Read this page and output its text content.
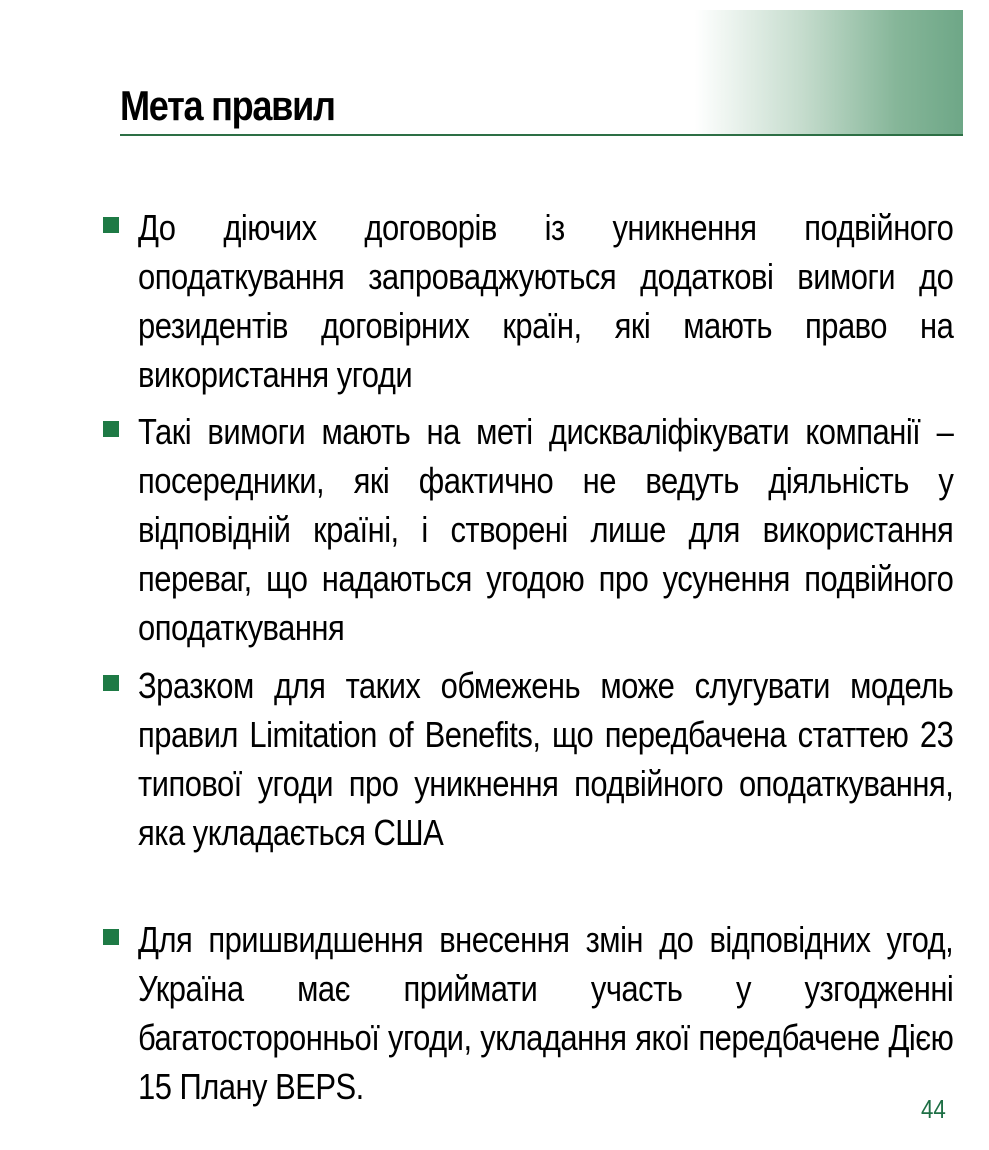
Мета правил

До діючих договорів із уникнення подвійного оподаткування запроваджуються додаткові вимоги до резидентів договірних країн, які мають право на використання угоди

Такі вимоги мають на меті дискваліфікувати компанії – посередники, які фактично не ведуть діяльність у відповідній країні, і створені лише для використання переваг, що надаються угодою про усунення подвійного оподаткування

Зразком для таких обмежень може слугувати модель правил Limitation of Benefits, що передбачена статтею 23 типової угоди про уникнення подвійного оподаткування, яка укладається США

Для пришвидшення внесення змін до відповідних угод, Україна має приймати участь у узгодженні багатосторонньої угоди, укладання якої передбачене Дією 15 Плану BEPS.

44
